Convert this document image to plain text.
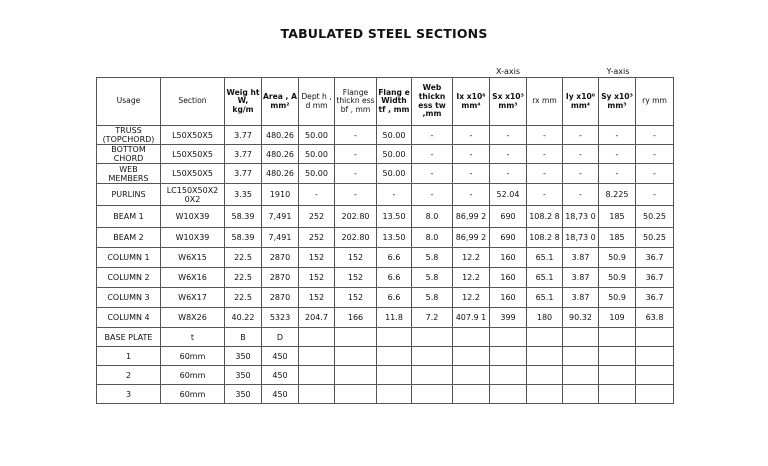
TABULATED STEEL SECTIONS
X-axis	Y-axis
Usage	Section	Weig ht W, kg/m	Area , A mm²	Dept h , d mm	Flange thickn ess bf , mm	Flang e Width tf , mm	Web thickn ess tw ,mm	Ix x10⁶ mm⁴	Sx x10³ mm³	rx mm	Iy x10⁶ mm⁴	Sy x10³ mm³	ry mm
TRUSS (TOPCHORD)	L50X50X5	3.77	480.26	50.00	-	50.00	-	-	-	-	-	-	-
BOTTOM CHORD	L50X50X5	3.77	480.26	50.00	-	50.00	-	-	-	-	-	-	-
WEB MEMBERS	L50X50X5	3.77	480.26	50.00	-	50.00	-	-	-	-	-	-	-
PURLINS	LC150X50X2 0X2	3.35	1910	-	-	-	-	-	52.04	-	-	8.225	-
BEAM 1	W10X39	58.39	7,491	252	202.80	13.50	8.0	86,99 2	690	108.2 8	18,73 0	185	50.25
BEAM 2	W10X39	58.39	7,491	252	202.80	13.50	8.0	86,99 2	690	108.2 8	18,73 0	185	50.25
COLUMN 1	W6X15	22.5	2870	152	152	6.6	5.8	12.2	160	65.1	3.87	50.9	36.7
COLUMN 2	W6X16	22.5	2870	152	152	6.6	5.8	12.2	160	65.1	3.87	50.9	36.7
COLUMN 3	W6X17	22.5	2870	152	152	6.6	5.8	12.2	160	65.1	3.87	50.9	36.7
COLUMN 4	W8X26	40.22	5323	204.7	166	11.8	7.2	407.9 1	399	180	90.32	109	63.8
BASE PLATE	t	B	D										
1	60mm	350	450										
2	60mm	350	450										
3	60mm	350	450										
